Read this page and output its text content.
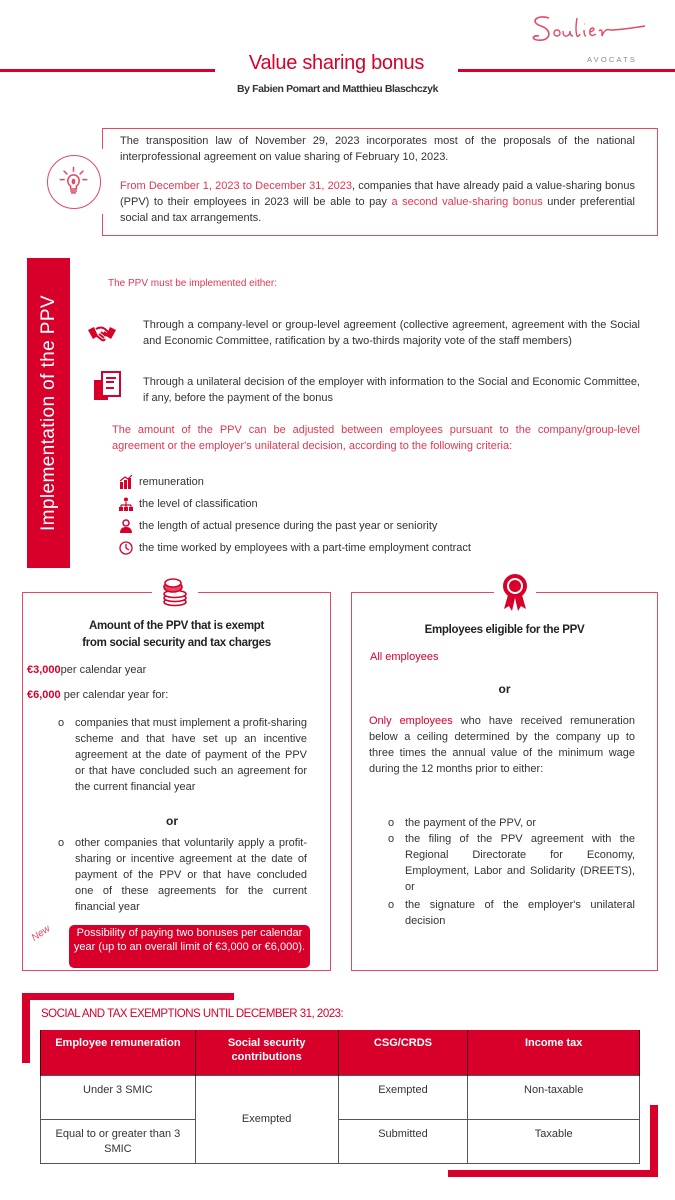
AVOCATS
Value sharing bonus
By Fabien Pomart and Matthieu Blaschczyk

The transposition law of November 29, 2023 incorporates most of the proposals of the national interprofessional agreement on value sharing of February 10, 2023.

From December 1, 2023 to December 31, 2023, companies that have already paid a value-sharing bonus (PPV) to their employees in 2023 will be able to pay a second value-sharing bonus under preferential social and tax arrangements.

Implementation of the PPV
The PPV must be implemented either:
Through a company-level or group-level agreement (collective agreement, agreement with the Social and Economic Committee, ratification by a two-thirds majority vote of the staff members)
Through a unilateral decision of the employer with information to the Social and Economic Committee, if any, before the payment of the bonus
The amount of the PPV can be adjusted between employees pursuant to the company/group-level agreement or the employer's unilateral decision, according to the following criteria:
remuneration
the level of classification
the length of actual presence during the past year or seniority
the time worked by employees with a part-time employment contract
Amount of the PPV that is exempt
from social security and tax charges
€3,000per calendar year
€6,000 per calendar year for:
o companies that must implement a profit-sharing scheme and that have set up an incentive agreement at the date of payment of the PPV or that have concluded such an agreement for the current financial year
or
o other companies that voluntarily apply a profit-sharing or incentive agreement at the date of payment of the PPV or that have concluded one of these agreements for the current financial year
New	Possibility of paying two bonuses per calendar year (up to an overall limit of €3,000 or €6,000).
Employees eligible for the PPV
All employees
or
Only employees who have received remuneration below a ceiling determined by the company up to three times the annual value of the minimum wage during the 12 months prior to either:
o the payment of the PPV, or
o the filing of the PPV agreement with the Regional Directorate for Economy, Employment, Labor and Solidarity (DREETS), or
o the signature of the employer's unilateral decision
SOCIAL AND TAX EXEMPTIONS UNTIL DECEMBER 31, 2023:
Employee remuneration	Social security contributions	CSG/CRDS	Income tax
Under 3 SMIC	Exempted	Exempted	Non-taxable
Equal to or greater than 3 SMIC		Submitted	Taxable
